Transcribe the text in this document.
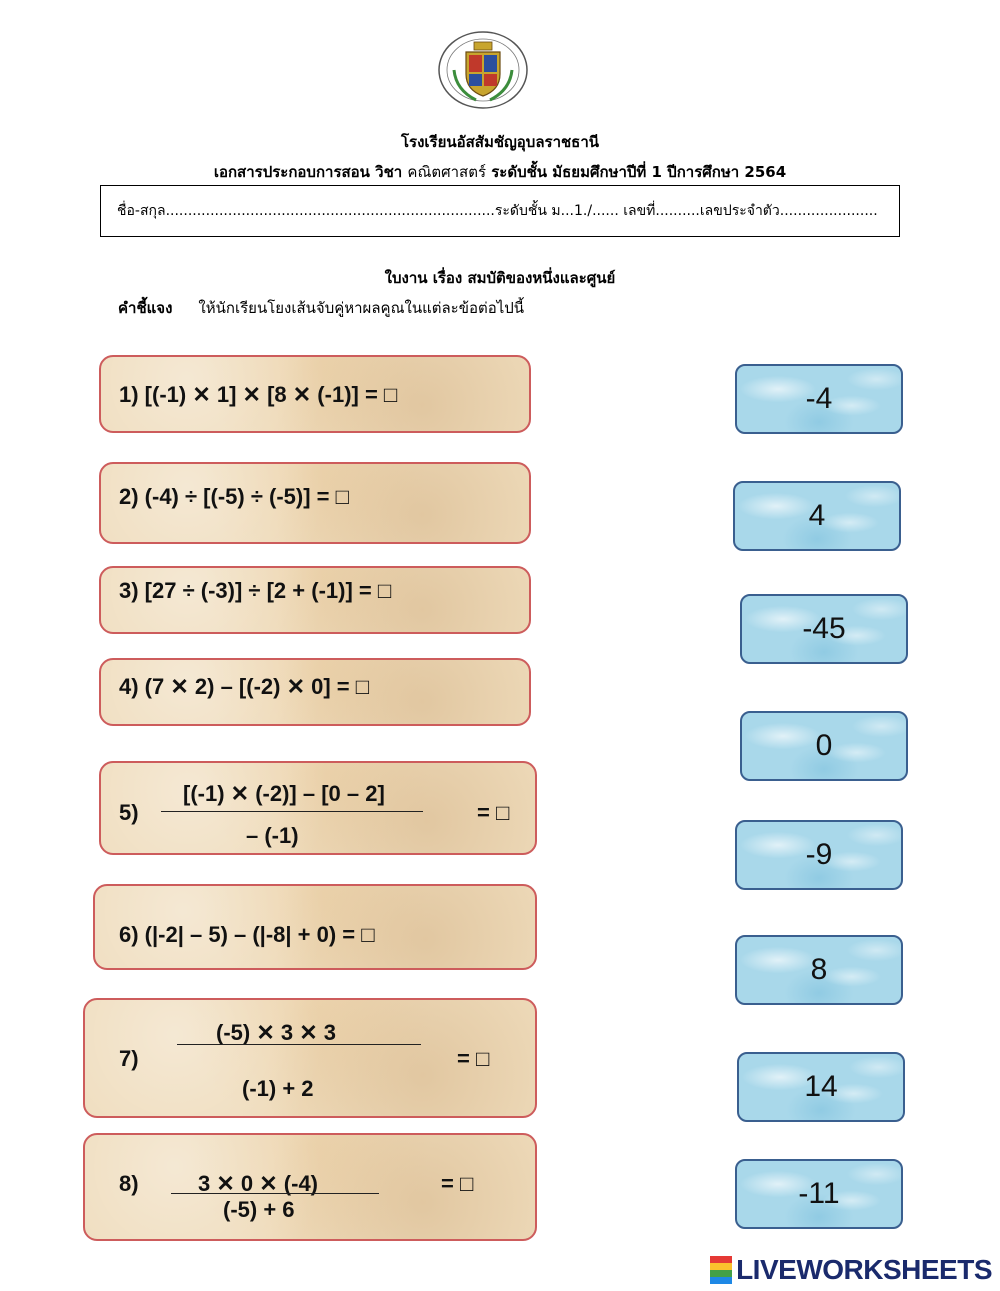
โรงเรียนอัสสัมชัญอุบลราชธานี
เอกสารประกอบการสอน วิชา คณิตศาสตร์ ระดับชั้น มัธยมศึกษาปีที่ 1 ปีการศึกษา 2564
ชื่อ-สกุล..........................................................................ระดับชั้น ม...1./...... เลขที่..........เลขประจำตัว......................
ใบงาน เรื่อง สมบัติของหนึ่งและศูนย์
คำชี้แจง ให้นักเรียนโยงเส้นจับคู่หาผลคูณในแต่ละข้อต่อไปนี้
1) [(-1) ✕ 1] ✕ [8 ✕ (-1)] = □
2) (-4) ÷ [(-5) ÷ (-5)] = □
3) [27 ÷ (-3)] ÷ [2 + (-1)] = □
4) (7 ✕ 2) – [(-2) ✕ 0] = □
5)
[(-1) ✕ (-2)] – [0 – 2]
– (-1)
= □
6) (|-2| – 5) – (|-8| + 0) = □
7)
(-5) ✕ 3 ✕ 3
(-1) + 2
= □
8)	3 ✕ 0 ✕ (-4)
(-5) + 6
= □
-4
4
-45
0
-9
8
14
-11
LIVEWORKSHEETS
